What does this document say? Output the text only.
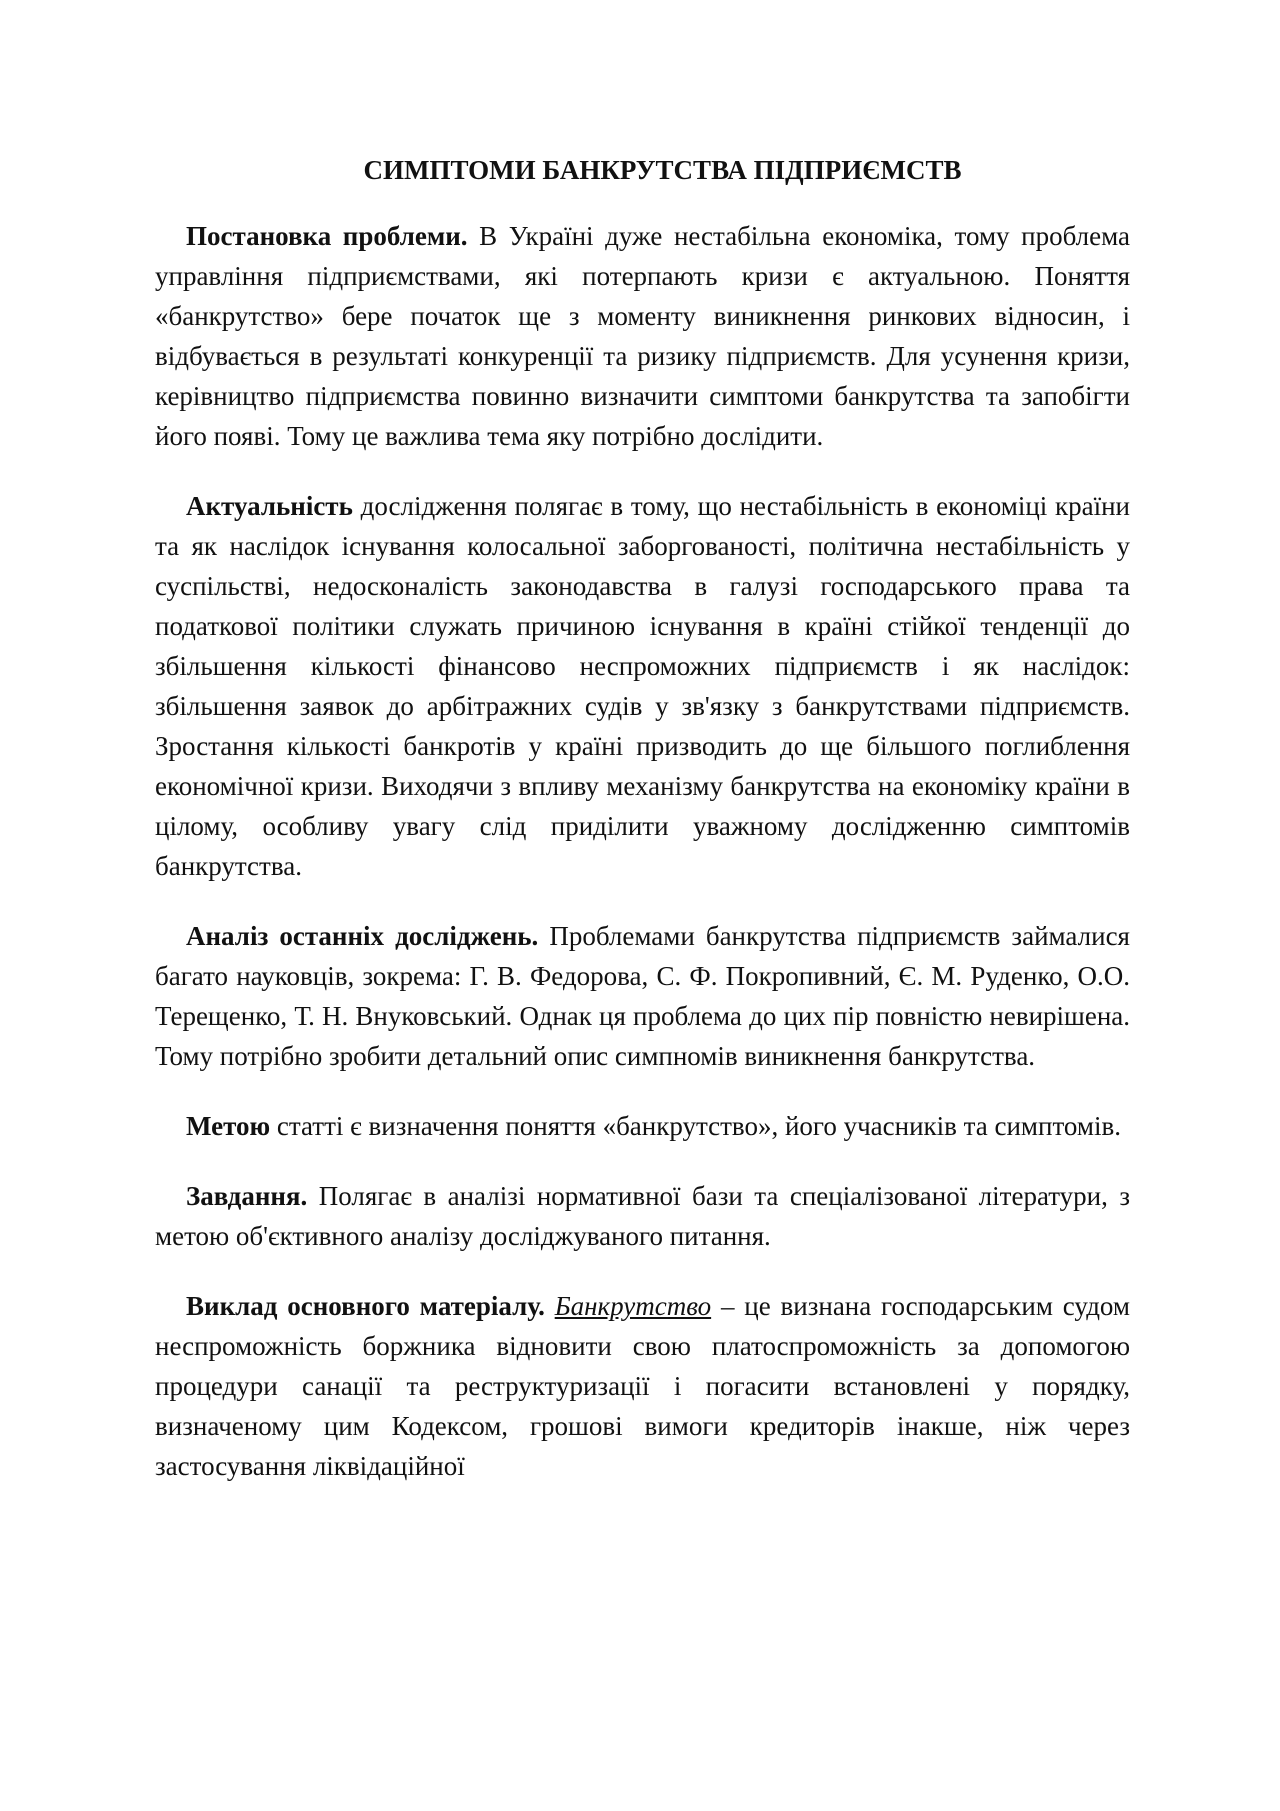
СИМПТОМИ БАНКРУТСТВА ПІДПРИЄМСТВ

Постановка проблеми. В Україні дуже нестабільна економіка, тому проблема управління підприємствами, які потерпають кризи є актуальною. Поняття «банкрутство» бере початок ще з моменту виникнення ринкових відносин, і відбувається в результаті конкуренції та ризику підприємств. Для усунення кризи, керівництво підприємства повинно визначити симптоми банкрутства та запобігти його появі. Тому це важлива тема яку потрібно дослідити.

Актуальність дослідження полягає в тому, що нестабільність в економіці країни та як наслідок існування колосальної заборгованості, політична нестабільність у суспільстві, недосконаліcть законодавства в галузі господарського права та податкової політики служать причиною існування в країні стійкої тенденції до збільшення кількості фінансово неспроможних підприємств і як наслідок: збільшення заявок до арбітражних судів у зв'язку з банкрутствами підприємств. Зростання кількості банкротів у країні призводить до ще більшого поглиблення економічної кризи. Виходячи з впливу механізму банкрутства на економіку країни в цілому, особливу увагу слід приділити уважному дослідженню симптомів банкрутства.

Аналіз останніх досліджень. Проблемами банкрутства підприємств займалися багато науковців, зокрема: Г. В. Федорова, С. Ф. Покропивний, Є. М. Руденко, О.О. Терещенко, Т. Н. Внуковський. Однак ця проблема до цих пір повністю невирішена. Тому потрібно зробити детальний опис симпномів виникнення банкрутства.

Метою статті є визначення поняття «банкрутство», його учасників та симптомів.

Завдання. Полягає в аналізі нормативної бази та спеціалізованої літератури, з метою об'єктивного аналізу досліджуваного питання.

Виклад основного матеріалу. Банкрутство – це визнана господарським судом неспроможність боржника відновити свою платоспроможність за допомогою процедури санації та реструктуризації і погасити встановлені у порядку, визначеному цим Кодексом, грошові вимоги кредиторів інакше, ніж через застосування ліквідаційної
